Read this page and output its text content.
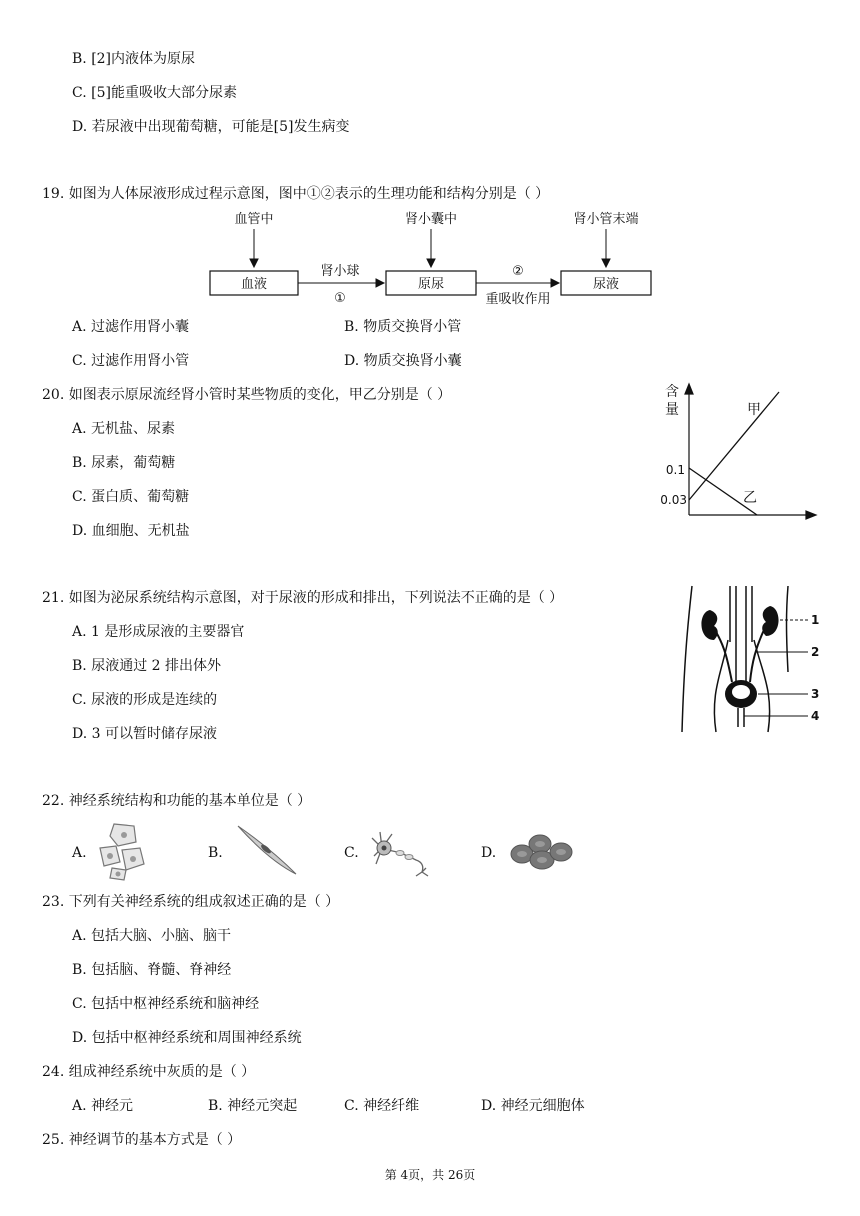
B. [2]内液体为原尿
C. [5]能重吸收大部分尿素
D. 若尿液中出现葡萄糖，可能是[5]发生病变
19. 如图为人体尿液形成过程示意图，图中①②表示的生理功能和结构分别是（ ）
血管中	肾小囊中	肾小管末端
血液	原尿	尿液
肾小球
①
②
重吸收作用
A. 过滤作用肾小囊	B. 物质交换肾小管
C. 过滤作用肾小管	D. 物质交换肾小囊
20. 如图表示原尿流经肾小管时某些物质的变化，甲乙分别是（ ）
A. 无机盐、尿素
B. 尿素，葡萄糖
C. 蛋白质、葡萄糖
D. 血细胞、无机盐
含
量
0.1
0.03
甲
乙
21. 如图为泌尿系统结构示意图，对于尿液的形成和排出，下列说法不正确的是（ ）
A. 1 是形成尿液的主要器官
B. 尿液通过 2 排出体外
C. 尿液的形成是连续的
D. 3 可以暂时储存尿液
1
2
3
4
22. 神经系统结构和功能的基本单位是（ ）
A.	B.	C.	D.
23. 下列有关神经系统的组成叙述正确的是（ ）
A. 包括大脑、小脑、脑干
B. 包括脑、脊髓、脊神经
C. 包括中枢神经系统和脑神经
D. 包括中枢神经系统和周围神经系统
24. 组成神经系统中灰质的是（ ）
A. 神经元	B. 神经元突起	C. 神经纤维	D. 神经元细胞体
25. 神经调节的基本方式是（ ）
第 4页，共 26页
